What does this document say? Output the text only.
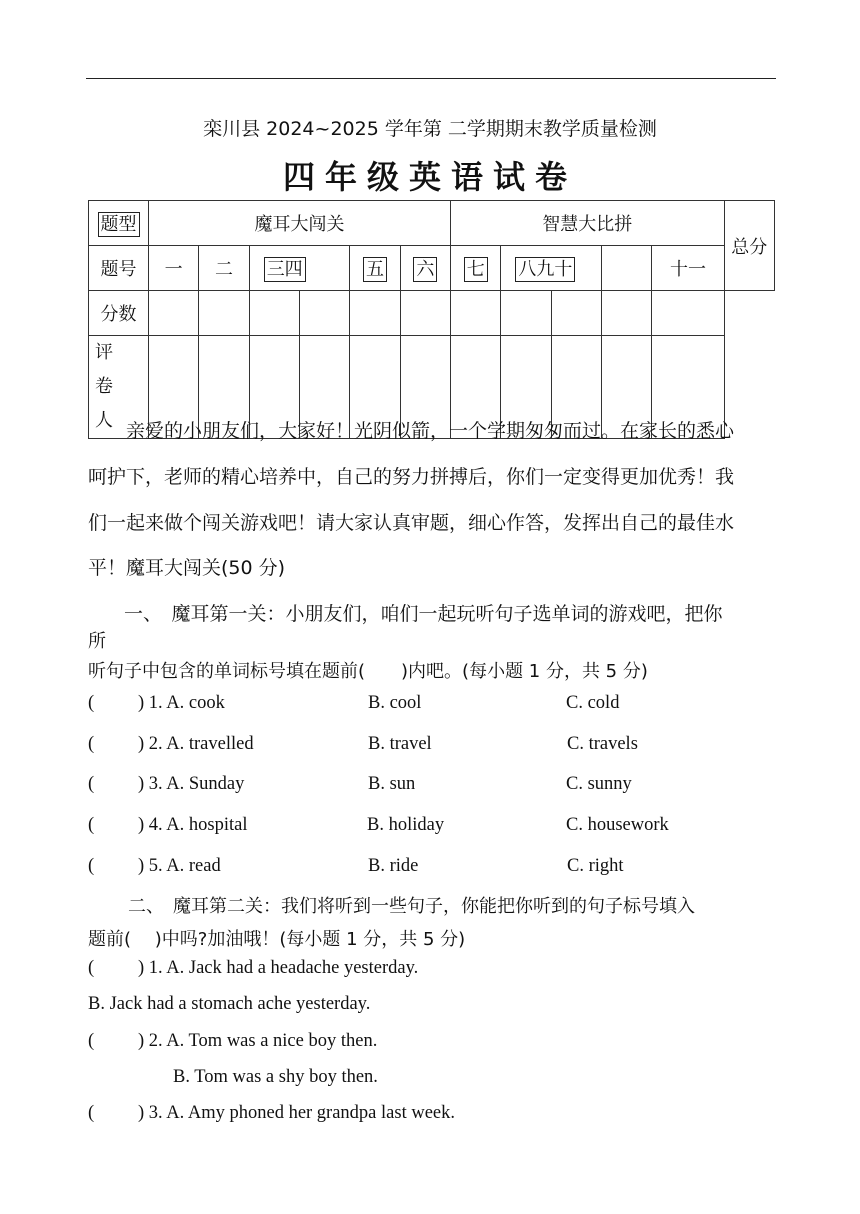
栾川县 2024~2025 学年第 二学期期末教学质量检测
四年级英语试卷
题型	魔耳大闯关						智慧大比拼					总分
题号	一	二	三四		五	六	七	八九十			十一	
分数												

评　卷
人												
											亲爱的小朋友们，大家好！光阴似箭，一个学期匆匆而过。在家长的悉心
呵护下，老师的精心培养中，自己的努力拼搏后，你们一定变得更加优秀！我
们一起来做个闯关游戏吧！请大家认真审题，细心作答，发挥出自己的最佳水
平！魔耳大闯关(50 分)
一、　魔耳第一关：小朋友们，咱们一起玩听句子选单词的游戏吧，把你
所
听句子中包含的单词标号填在题前(　　)内吧。(每小题 1 分，共 5 分)
( ) 1. A. cook	B. cool	C. cold
( ) 2. A. travelled	B. travel	C. travels
( ) 3. A. Sunday	B. sun	C. sunny
( ) 4. A. hospital	B. holiday	C. housework
( ) 5. A. read	B. ride	C. right
二、　魔耳第二关：我们将听到一些句子，你能把你听到的句子标号填入
题前(　 )中吗?加油哦！(每小题 1 分，共 5 分)
( ) 1. A. Jack had a headache yesterday.
B. Jack had a stomach ache yesterday.
( ) 2. A. Tom was a nice boy then.
B. Tom was a shy boy then.
( ) 3. A. Amy phoned her grandpa last week.
